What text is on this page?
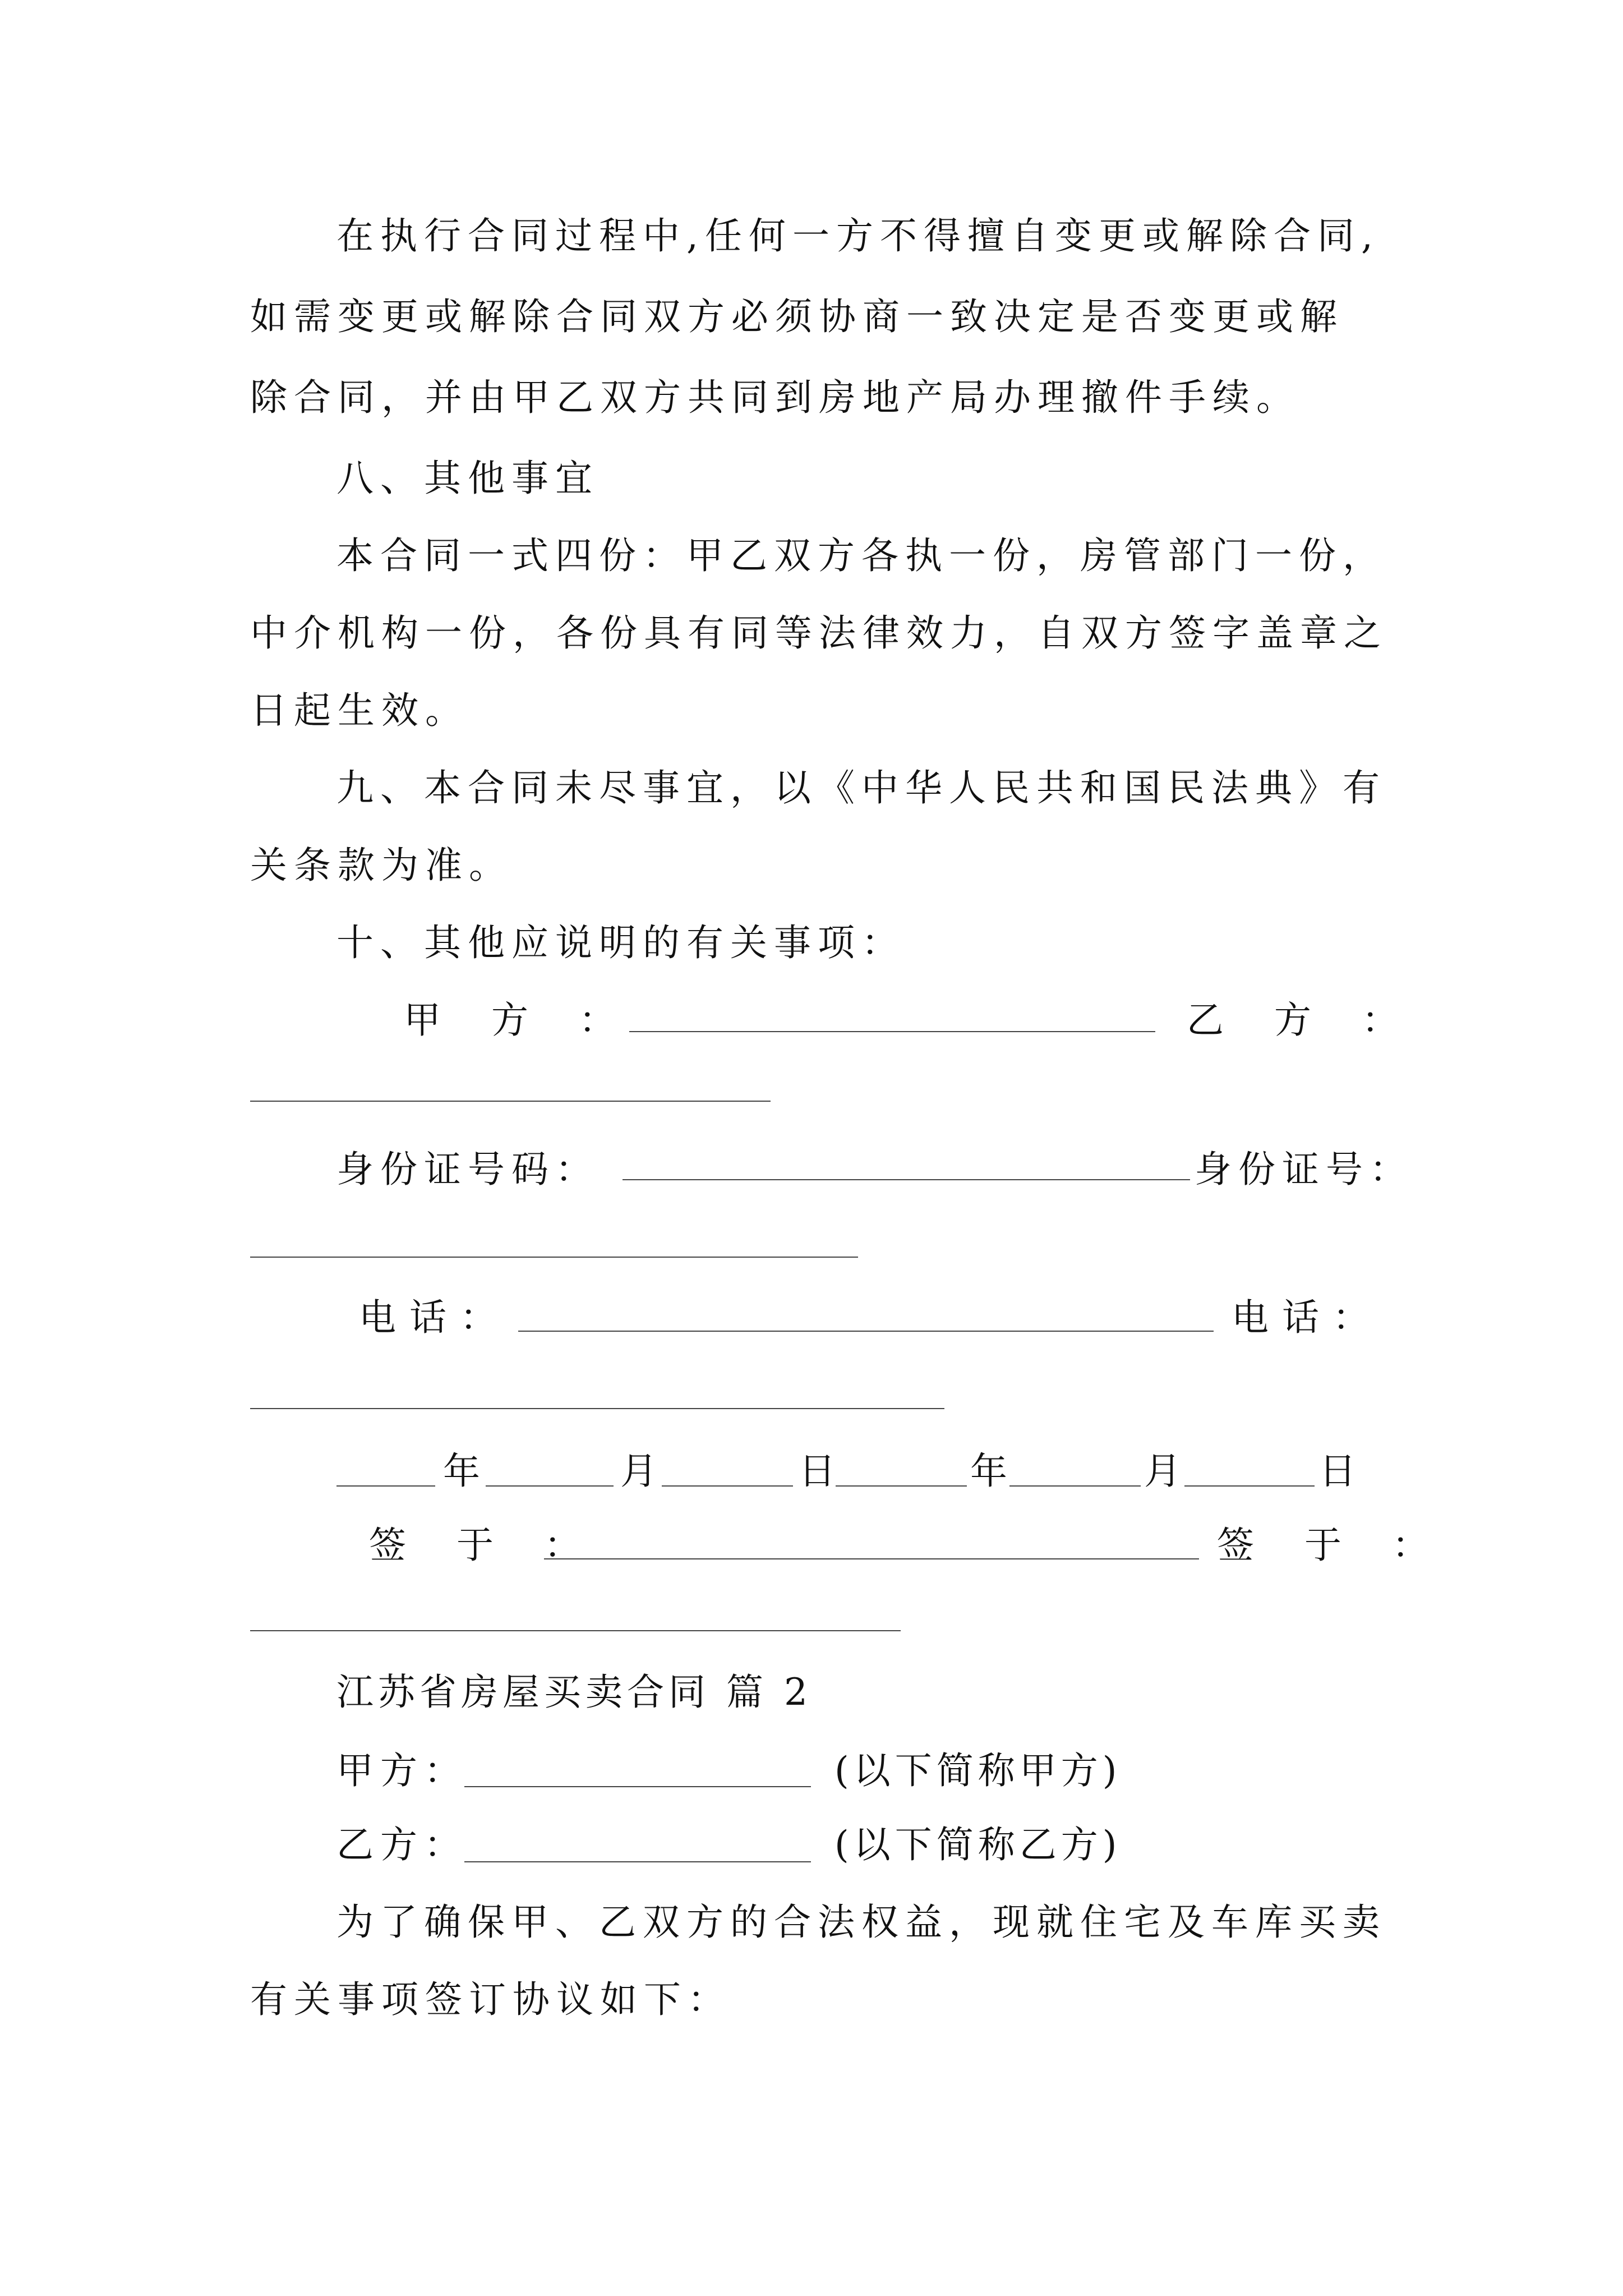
在执行合同过程中,任何一方不得擅自变更或解除合同,
如需变更或解除合同双方必须协商一致决定是否变更或解
除合同，并由甲乙双方共同到房地产局办理撤件手续。
八、其他事宜
本合同一式四份：甲乙双方各执一份，房管部门一份，
中介机构一份，各份具有同等法律效力，自双方签字盖章之
日起生效。
九、本合同未尽事宜，以《中华人民共和国民法典》有
关条款为准。
十、其他应说明的有关事项：
甲　方　：	乙　方　：
身份证号码：	身份证号：
电话：	电话：
年	月	日	年	月	日
签　于　：	签　于　：
江苏省房屋买卖合同 篇 2
甲方：	(以下简称甲方)
乙方：	(以下简称乙方)
为了确保甲、乙双方的合法权益，现就住宅及车库买卖
有关事项签订协议如下：
